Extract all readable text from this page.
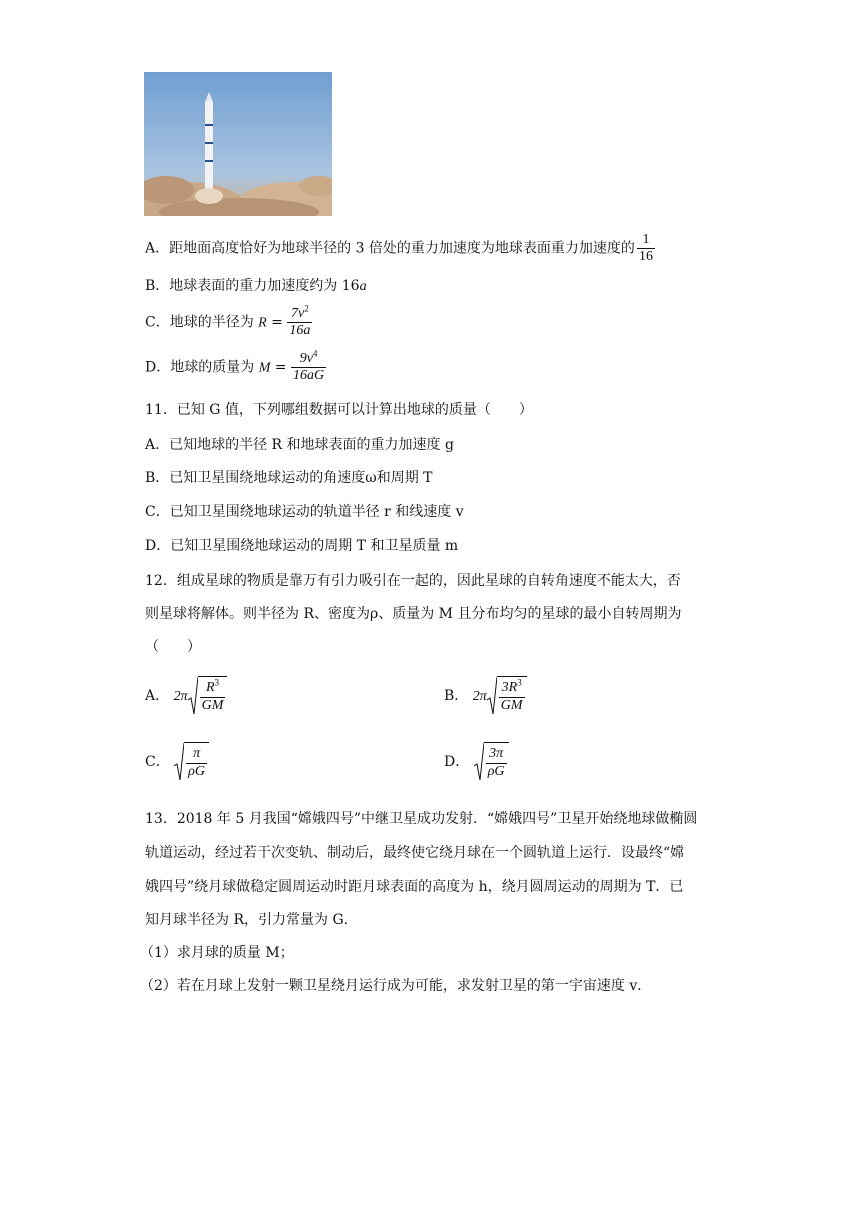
A．距地面高度恰好为地球半径的 3 倍处的重力加速度为地球表面重力加速度的 $\frac{1}{16}$
B．地球表面的重力加速度约为 16a
C．地球的半径为 $R = \frac{7v^2}{16a}$
D．地球的质量为 $M = \frac{9v^4}{16aG}$
11．已知 G 值，下列哪组数据可以计算出地球的质量（　　）
A．已知地球的半径 R 和地球表面的重力加速度 g
B．已知卫星围绕地球运动的角速度ω和周期 T
C．已知卫星围绕地球运动的轨道半径 r 和线速度 v
D．已知卫星围绕地球运动的周期 T 和卫星质量 m
12．组成星球的物质是靠万有引力吸引在一起的，因此星球的自转角速度不能太大，否
则星球将解体。则半径为 R、密度为ρ、质量为 M 且分布均匀的星球的最小自转周期为
（　　）
A． $2\pi \frac{R^3}{GM}$	B． $2\pi \frac{3R^3}{GM}$
C． $\frac{\pi}{\rho G}$	D． $\frac{3\pi}{\rho G}$
13．2018 年 5 月我国“嫦娥四号”中继卫星成功发射．“嫦娥四号”卫星开始绕地球做椭圆
轨道运动，经过若干次变轨、制动后，最终使它绕月球在一个圆轨道上运行．设最终“嫦
娥四号”绕月球做稳定圆周运动时距月球表面的高度为 h，绕月圆周运动的周期为 T．已
知月球半径为 R，引力常量为 G．
（1）求月球的质量 M；
（2）若在月球上发射一颗卫星绕月运行成为可能，求发射卫星的第一宇宙速度 v．
